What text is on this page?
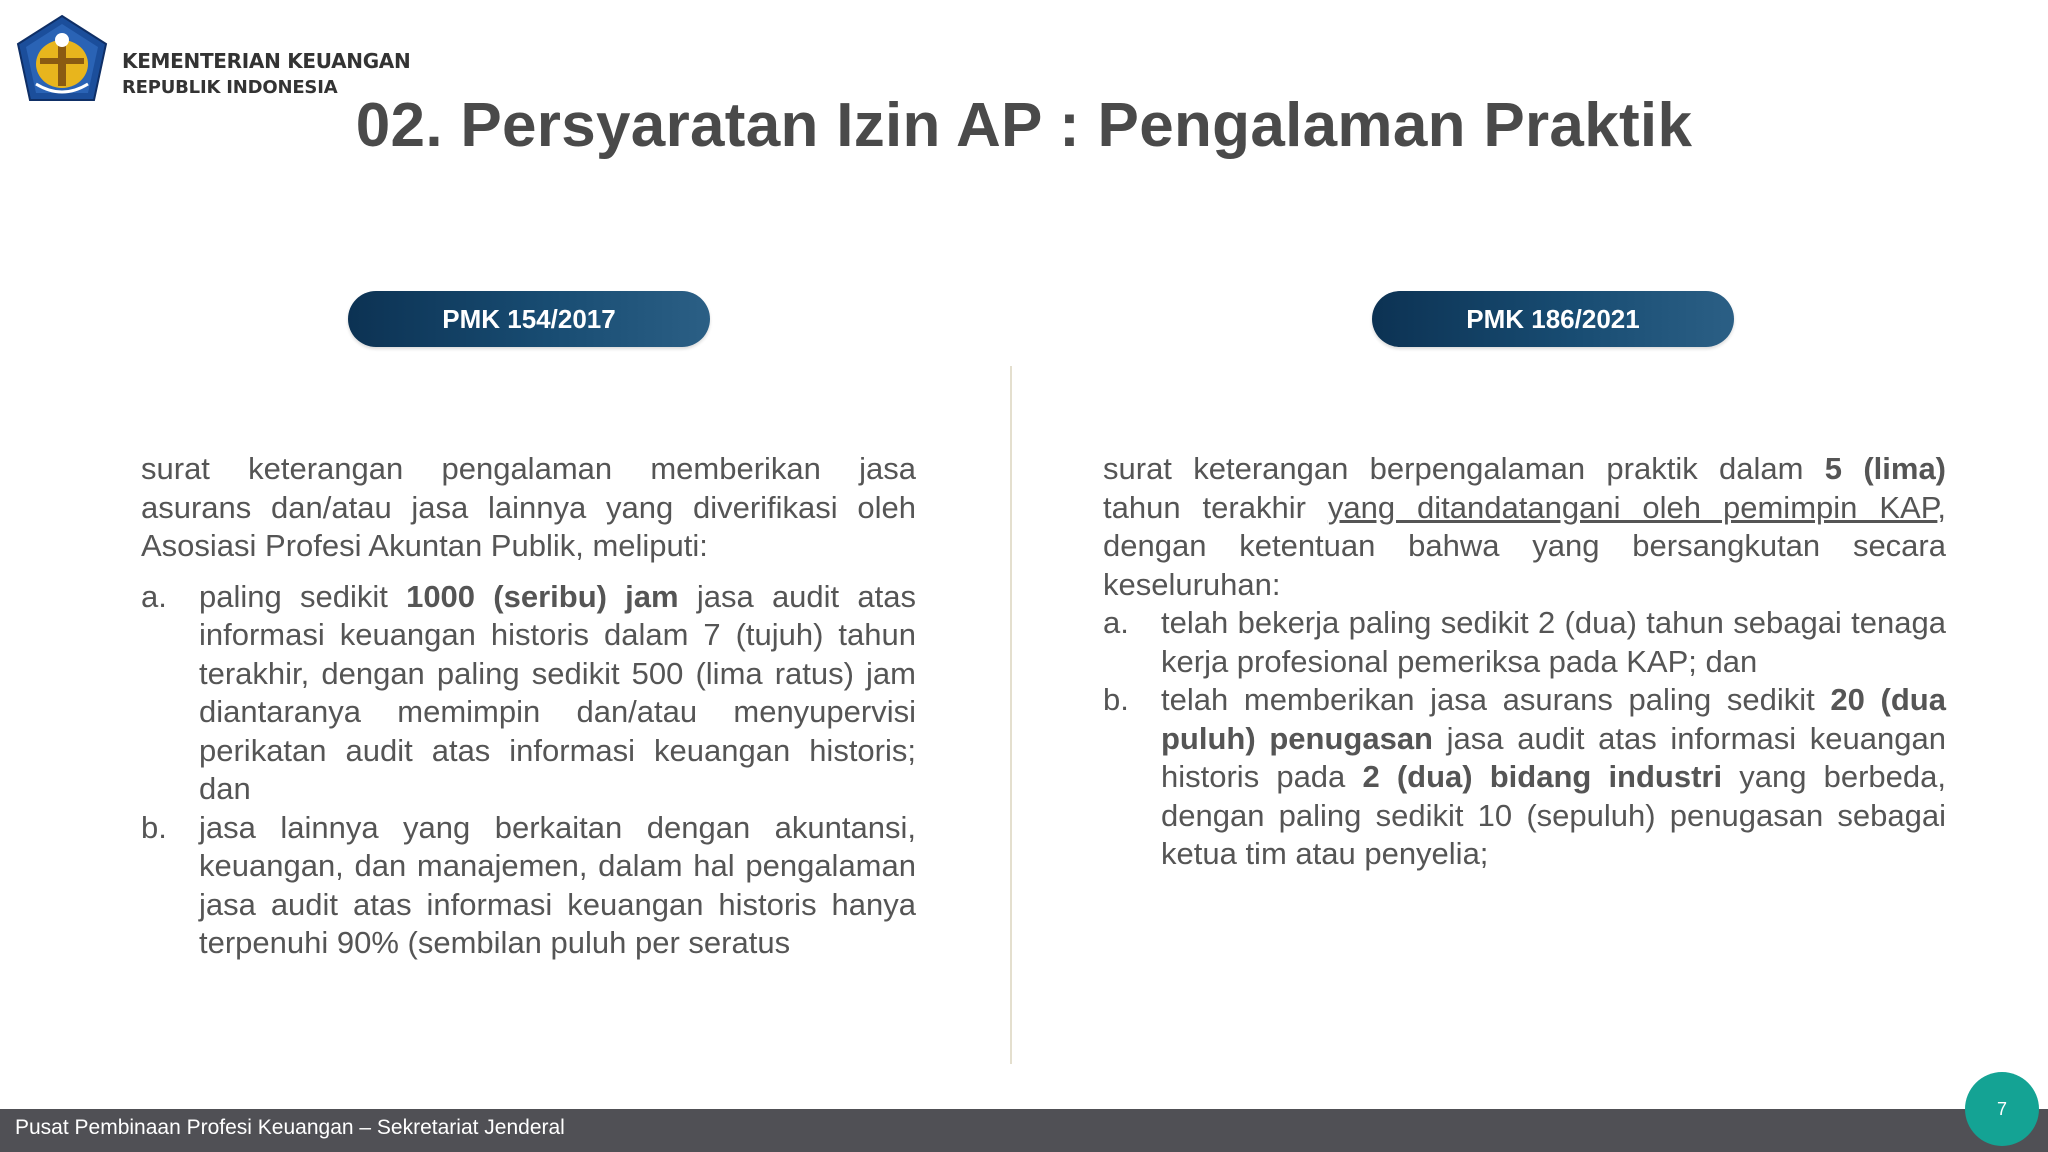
KEMENTERIAN KEUANGAN
REPUBLIK INDONESIA
02. Persyaratan Izin AP : Pengalaman Praktik
PMK 154/2017	PMK 186/2021

surat keterangan pengalaman memberikan jasa asurans dan/atau jasa lainnya yang diverifikasi oleh Asosiasi Profesi Akuntan Publik, meliputi:

a. paling sedikit 1000 (seribu) jam jasa audit atas informasi keuangan historis dalam 7 (tujuh) tahun terakhir, dengan paling sedikit 500 (lima ratus) jam diantaranya memimpin dan/atau menyupervisi perikatan audit atas informasi keuangan historis; dan
b. jasa lainnya yang berkaitan dengan akuntansi, keuangan, dan manajemen, dalam hal pengalaman jasa audit atas informasi keuangan historis hanya terpenuhi 90% (sembilan puluh per seratus

surat keterangan berpengalaman praktik dalam 5 (lima) tahun terakhir yang ditandatangani oleh pemimpin KAP, dengan ketentuan bahwa yang bersangkutan secara keseluruhan:

a. telah bekerja paling sedikit 2 (dua) tahun sebagai tenaga kerja profesional pemeriksa pada KAP; dan
b. telah memberikan jasa asurans paling sedikit 20 (dua puluh) penugasan jasa audit atas informasi keuangan historis pada 2 (dua) bidang industri yang berbeda, dengan paling sedikit 10 (sepuluh) penugasan sebagai ketua tim atau penyelia;
Pusat Pembinaan Profesi Keuangan – Sekretariat Jenderal
7
